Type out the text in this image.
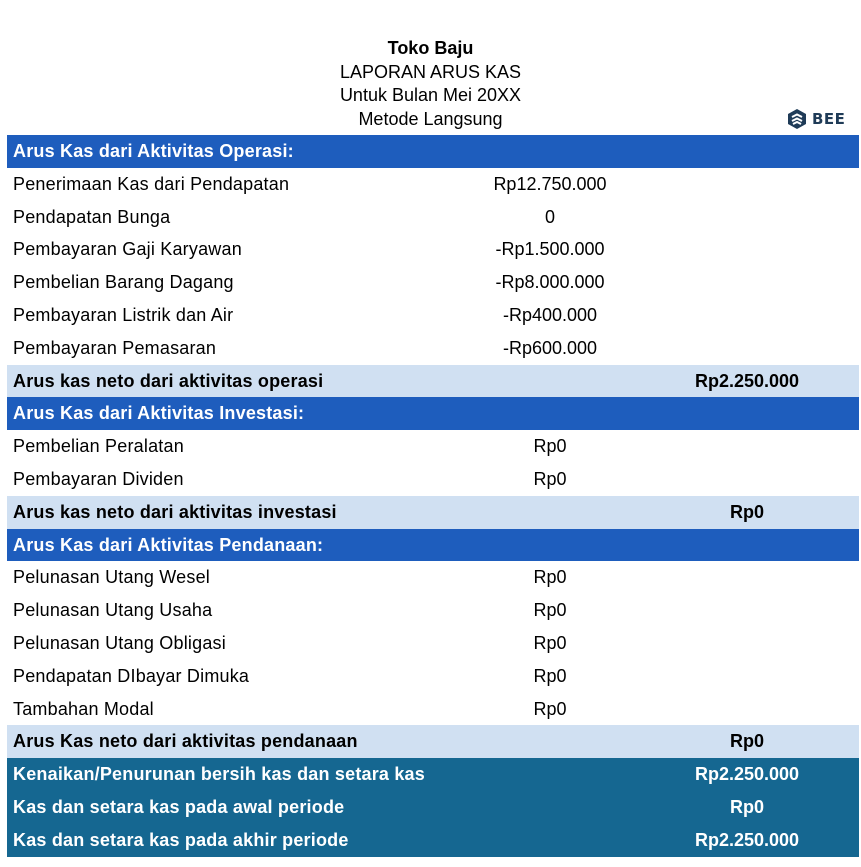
Toko Baju
LAPORAN ARUS KAS
Untuk Bulan Mei 20XX
Metode Langsung	BEE
Arus Kas dari Aktivitas Operasi:
Penerimaan Kas dari Pendapatan	Rp12.750.000
Pendapatan Bunga	0
Pembayaran Gaji Karyawan	-Rp1.500.000
Pembelian Barang Dagang	-Rp8.000.000
Pembayaran Listrik dan Air	-Rp400.000
Pembayaran Pemasaran	-Rp600.000
Arus kas neto dari aktivitas operasi	Rp2.250.000
Arus Kas dari Aktivitas Investasi:
Pembelian Peralatan	Rp0
Pembayaran Dividen	Rp0
Arus kas neto dari aktivitas investasi	Rp0
Arus Kas dari Aktivitas Pendanaan:
Pelunasan Utang Wesel	Rp0
Pelunasan Utang Usaha	Rp0
Pelunasan Utang Obligasi	Rp0
Pendapatan DIbayar Dimuka	Rp0
Tambahan Modal	Rp0
Arus Kas neto dari aktivitas pendanaan	Rp0
Kenaikan/Penurunan bersih kas dan setara kas	Rp2.250.000
Kas dan setara kas pada awal periode	Rp0
Kas dan setara kas pada akhir periode	Rp2.250.000
